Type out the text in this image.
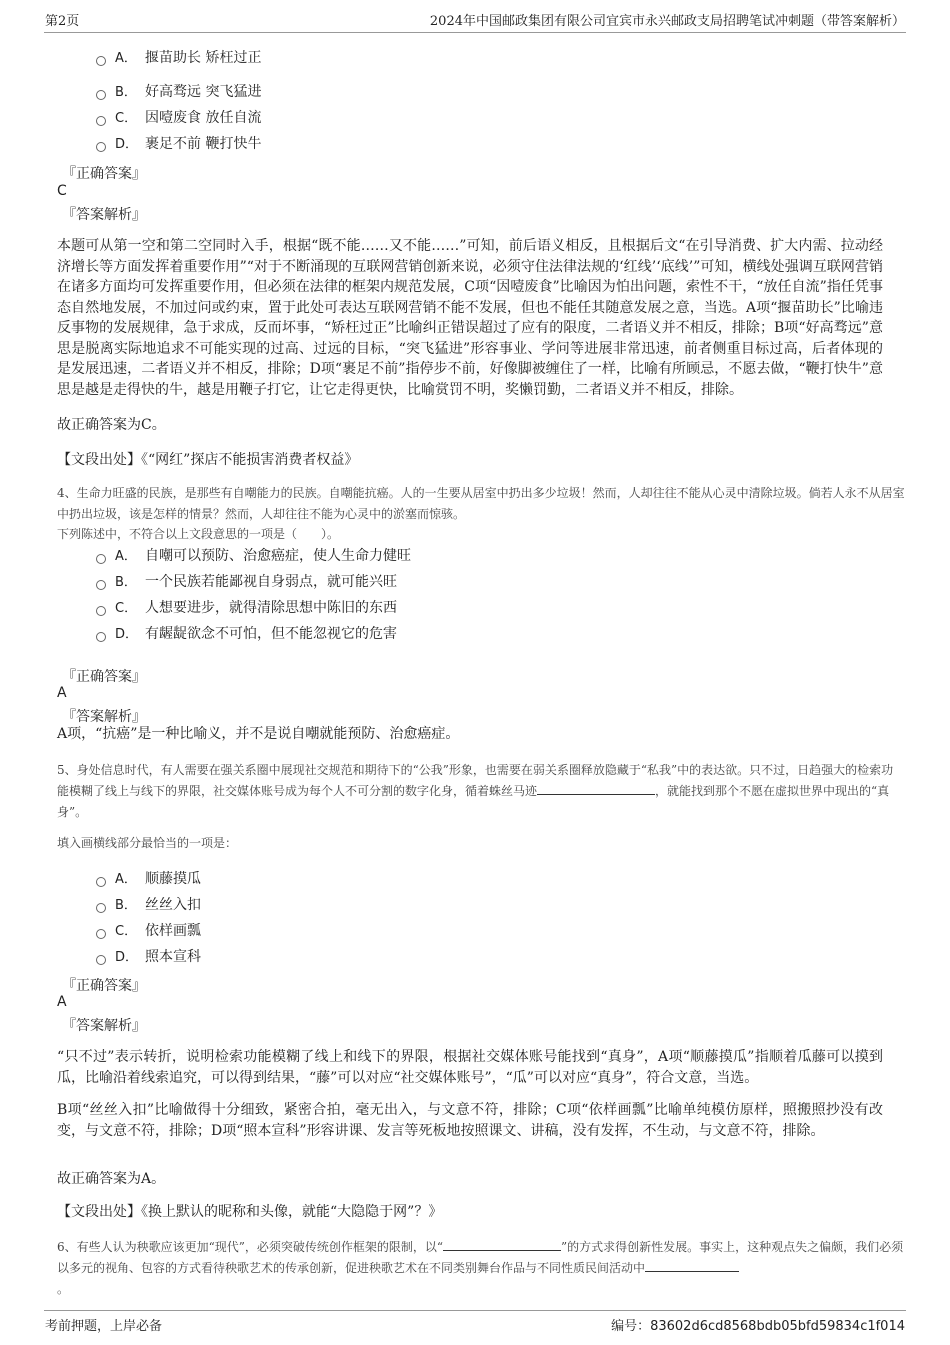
第2页	2024年中国邮政集团有限公司宜宾市永兴邮政支局招聘笔试冲刺题（带答案解析）
A． 揠苗助长 矫枉过正
B． 好高骛远 突飞猛进
C． 因噎废食 放任自流
D． 裹足不前 鞭打快牛
『正确答案』
C
『答案解析』
本题可从第一空和第二空同时入手，根据“既不能……又不能……”可知，前后语义相反，且根据后文“在引导消费、扩大内需、拉动经济增长等方面发挥着重要作用”“对于不断涌现的互联网营销创新来说，必须守住法律法规的‘红线’‘底线’”可知，横线处强调互联网营销在诸多方面均可发挥重要作用，但必须在法律的框架内规范发展，C项“因噎废食”比喻因为怕出问题，索性不干，“放任自流”指任凭事态自然地发展，不加过问或约束，置于此处可表达互联网营销不能不发展，但也不能任其随意发展之意，当选。A项“揠苗助长”比喻违反事物的发展规律，急于求成，反而坏事，“矫枉过正”比喻纠正错误超过了应有的限度，二者语义并不相反，排除；B项“好高骛远”意思是脱离实际地追求不可能实现的过高、过远的目标，“突飞猛进”形容事业、学问等进展非常迅速，前者侧重目标过高，后者体现的是发展迅速，二者语义并不相反，排除；D项“裹足不前”指停步不前，好像脚被缠住了一样，比喻有所顾忌，不愿去做，“鞭打快牛”意思是越是走得快的牛，越是用鞭子打它，让它走得更快，比喻赏罚不明，奖懒罚勤，二者语义并不相反，排除。
故正确答案为C。
【文段出处】《“网红”探店不能损害消费者权益》
4、生命力旺盛的民族，是那些有自嘲能力的民族。自嘲能抗癌。人的一生要从居室中扔出多少垃圾！然而，人却往往不能从心灵中清除垃圾。倘若人永不从居室中扔出垃圾，该是怎样的情景？然而，人却往往不能为心灵中的淤塞而惊骇。
下列陈述中，不符合以上文段意思的一项是（　　）。
A． 自嘲可以预防、治愈癌症，使人生命力健旺
B． 一个民族若能鄙视自身弱点，就可能兴旺
C． 人想要进步，就得清除思想中陈旧的东西
D． 有龌龊欲念不可怕，但不能忽视它的危害
『正确答案』
A
『答案解析』
A项，“抗癌”是一种比喻义，并不是说自嘲就能预防、治愈癌症。
5、身处信息时代，有人需要在强关系圈中展现社交规范和期待下的“公我”形象，也需要在弱关系圈释放隐藏于“私我”中的表达欲。只不过，日趋强大的检索功能模糊了线上与线下的界限，社交媒体账号成为每个人不可分割的数字化身，循着蛛丝马迹	，就能找到那个不愿在虚拟世界中现出的“真身”。
填入画横线部分最恰当的一项是：
A． 顺藤摸瓜
B． 丝丝入扣
C． 依样画瓢
D． 照本宣科
『正确答案』
A
『答案解析』
“只不过”表示转折，说明检索功能模糊了线上和线下的界限，根据社交媒体账号能找到“真身”，A项“顺藤摸瓜”指顺着瓜藤可以摸到瓜，比喻沿着线索追究，可以得到结果，“藤”可以对应“社交媒体账号”，“瓜”可以对应“真身”，符合文意，当选。
B项“丝丝入扣”比喻做得十分细致，紧密合拍，毫无出入，与文意不符，排除；C项“依样画瓢”比喻单纯模仿原样，照搬照抄没有改变，与文意不符，排除；D项“照本宣科”形容讲课、发言等死板地按照课文、讲稿，没有发挥，不生动，与文意不符，排除。
故正确答案为A。
【文段出处】《换上默认的昵称和头像，就能“大隐隐于网”？》
6、有些人认为秧歌应该更加“现代”，必须突破传统创作框架的限制，以“	”的方式求得创新性发展。事实上，这种观点失之偏颇，我们必须以多元的视角、包容的方式看待秧歌艺术的传承创新，促进秧歌艺术在不同类别舞台作品与不同性质民间活动中
。
考前押题，上岸必备	编号：83602d6cd8568bdb05bfd59834c1f014
